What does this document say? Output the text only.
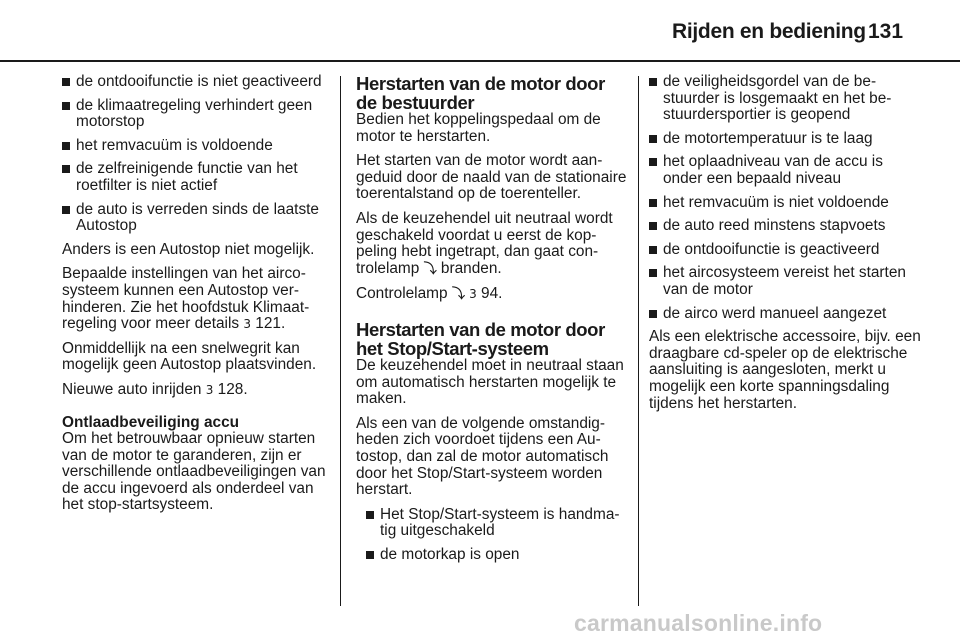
Rijden en bediening 131
de ontdooifunctie is niet geactiveerd
de klimaatregeling verhindert geen motorstop
het remvacuüm is voldoende
de zelfreinigende functie van het roetfilter is niet actief
de auto is verreden sinds de laatste Autostop

Anders is een Autostop niet mogelijk.

Bepaalde instellingen van het aircosysteem kunnen een Autostop verhinderen. Zie het hoofdstuk Klimaatregeling voor meer details 3 121.

Onmiddellijk na een snelwegrit kan mogelijk geen Autostop plaatsvinden.

Nieuwe auto inrijden 3 128.

Ontlaadbeveiliging accu

Om het betrouwbaar opnieuw starten van de motor te garanderen, zijn er verschillende ontlaadbeveiligingen van de accu ingevoerd als onderdeel van het stop-startsysteem.

Herstarten van de motor door de bestuurder

Bedien het koppelingspedaal om de motor te herstarten.

Het starten van de motor wordt aangeduid door de naald van de stationaire toerentalstand op de toerenteller.

Als de keuzehendel uit neutraal wordt geschakeld voordat u eerst de koppeling hebt ingetrapt, dan gaat controlelamp ⤵ branden.

Controlelamp ⤵ 3 94.

Herstarten van de motor door het Stop/Start-systeem

De keuzehendel moet in neutraal staan om automatisch herstarten mogelijk te maken.

Als een van de volgende omstandigheden zich voordoet tijdens een Autostop, dan zal de motor automatisch door het Stop/Start-systeem worden herstart.

Het Stop/Start-systeem is handmatig uitgeschakeld
de motorkap is open
de veiligheidsgordel van de bestuurder is losgemaakt en het bestuurdersportier is geopend
de motortemperatuur is te laag
het oplaadniveau van de accu is onder een bepaald niveau
het remvacuüm is niet voldoende
de auto reed minstens stapvoets
de ontdooifunctie is geactiveerd
het aircosysteem vereist het starten van de motor
de airco werd manueel aangezet

Als een elektrische accessoire, bijv. een draagbare cd-speler op de elektrische aansluiting is aangesloten, merkt u mogelijk een korte spanningsdaling tijdens het herstarten.

carmanualsonline.info
